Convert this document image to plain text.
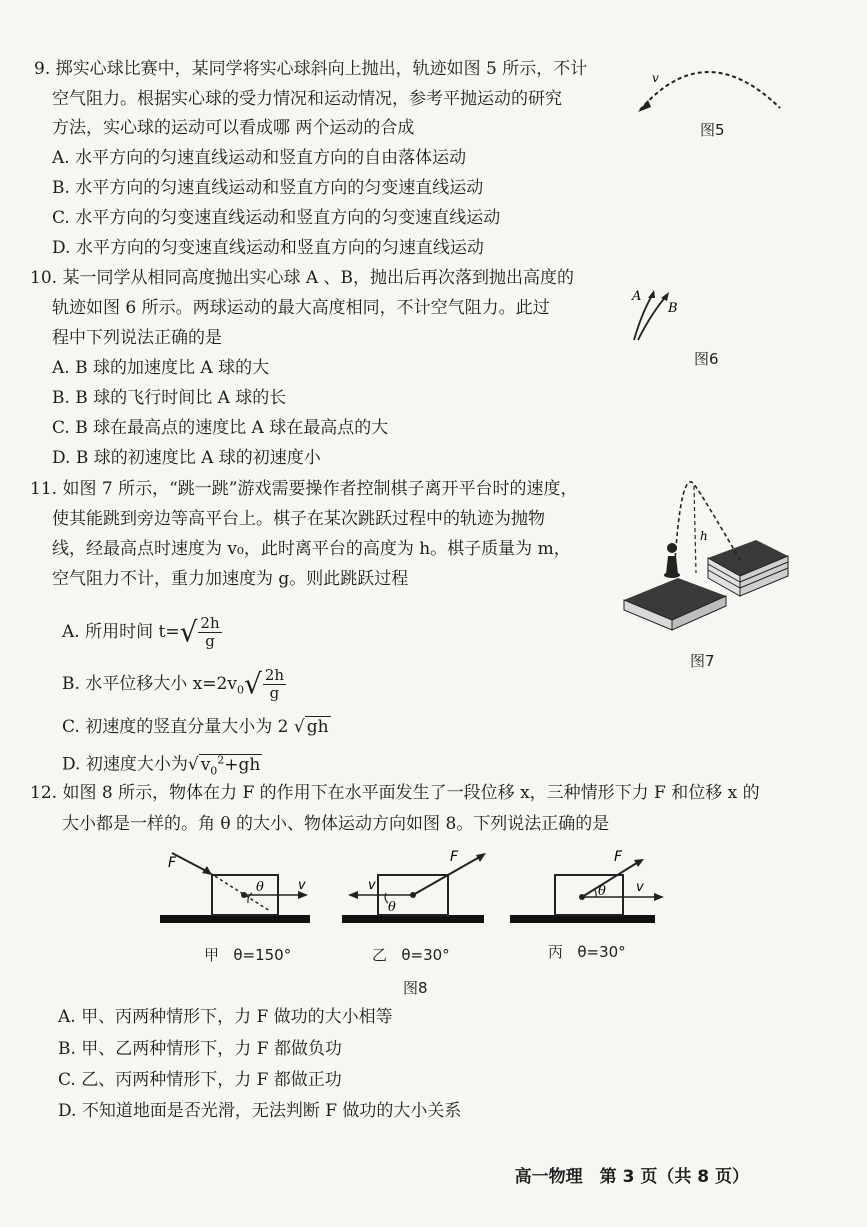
9. 掷实心球比赛中，某同学将实心球斜向上抛出，轨迹如图 5 所示，不计
空气阻力。根据实心球的受力情况和运动情况，参考平抛运动的研究
方法，实心球的运动可以看成哪 两个运动的合成
A. 水平方向的匀速直线运动和竖直方向的自由落体运动
B. 水平方向的匀速直线运动和竖直方向的匀变速直线运动
C. 水平方向的匀变速直线运动和竖直方向的匀变速直线运动
D. 水平方向的匀变速直线运动和竖直方向的匀速直线运动
v
图5
10. 某一同学从相同高度抛出实心球 A 、B，抛出后再次落到抛出高度的
轨迹如图 6 所示。两球运动的最大高度相同，不计空气阻力。此过
程中下列说法正确的是
A. B 球的加速度比 A 球的大
B. B 球的飞行时间比 A 球的长
C. B 球在最高点的速度比 A 球在最高点的大
D. B 球的初速度比 A 球的初速度小
A
B
图6
11. 如图 7 所示，“跳一跳”游戏需要操作者控制棋子离开平台时的速度，
使其能跳到旁边等高平台上。棋子在某次跳跃过程中的轨迹为抛物
线，经最高点时速度为 v₀，此时离平台的高度为 h。棋子质量为 m，
空气阻力不计，重力加速度为 g。则此跳跃过程
A. 所用时间 $t=√ \frac{2h}{g}$
B. 水平位移大小 $x=2v_0√ \frac{2h}{g}$
C. 初速度的竖直分量大小为 2 √ gh
D. 初速度大小为√ $v_0^2+gh$
h
图7
12. 如图 8 所示，物体在力 F 的作用下在水平面发生了一段位移 x，三种情形下力 F 和位移 x 的
大小都是一样的。角 θ 的大小、物体运动方向如图 8。下列说法正确的是
F
v
θ
F
v
θ
F
v
θ
甲 θ=150°	乙 θ=30°	丙 θ=30°
图8
A. 甲、丙两种情形下，力 F 做功的大小相等
B. 甲、乙两种情形下，力 F 都做负功
C. 乙、丙两种情形下，力 F 都做正功
D. 不知道地面是否光滑，无法判断 F 做功的大小关系
高一物理　第 3 页（共 8 页）
